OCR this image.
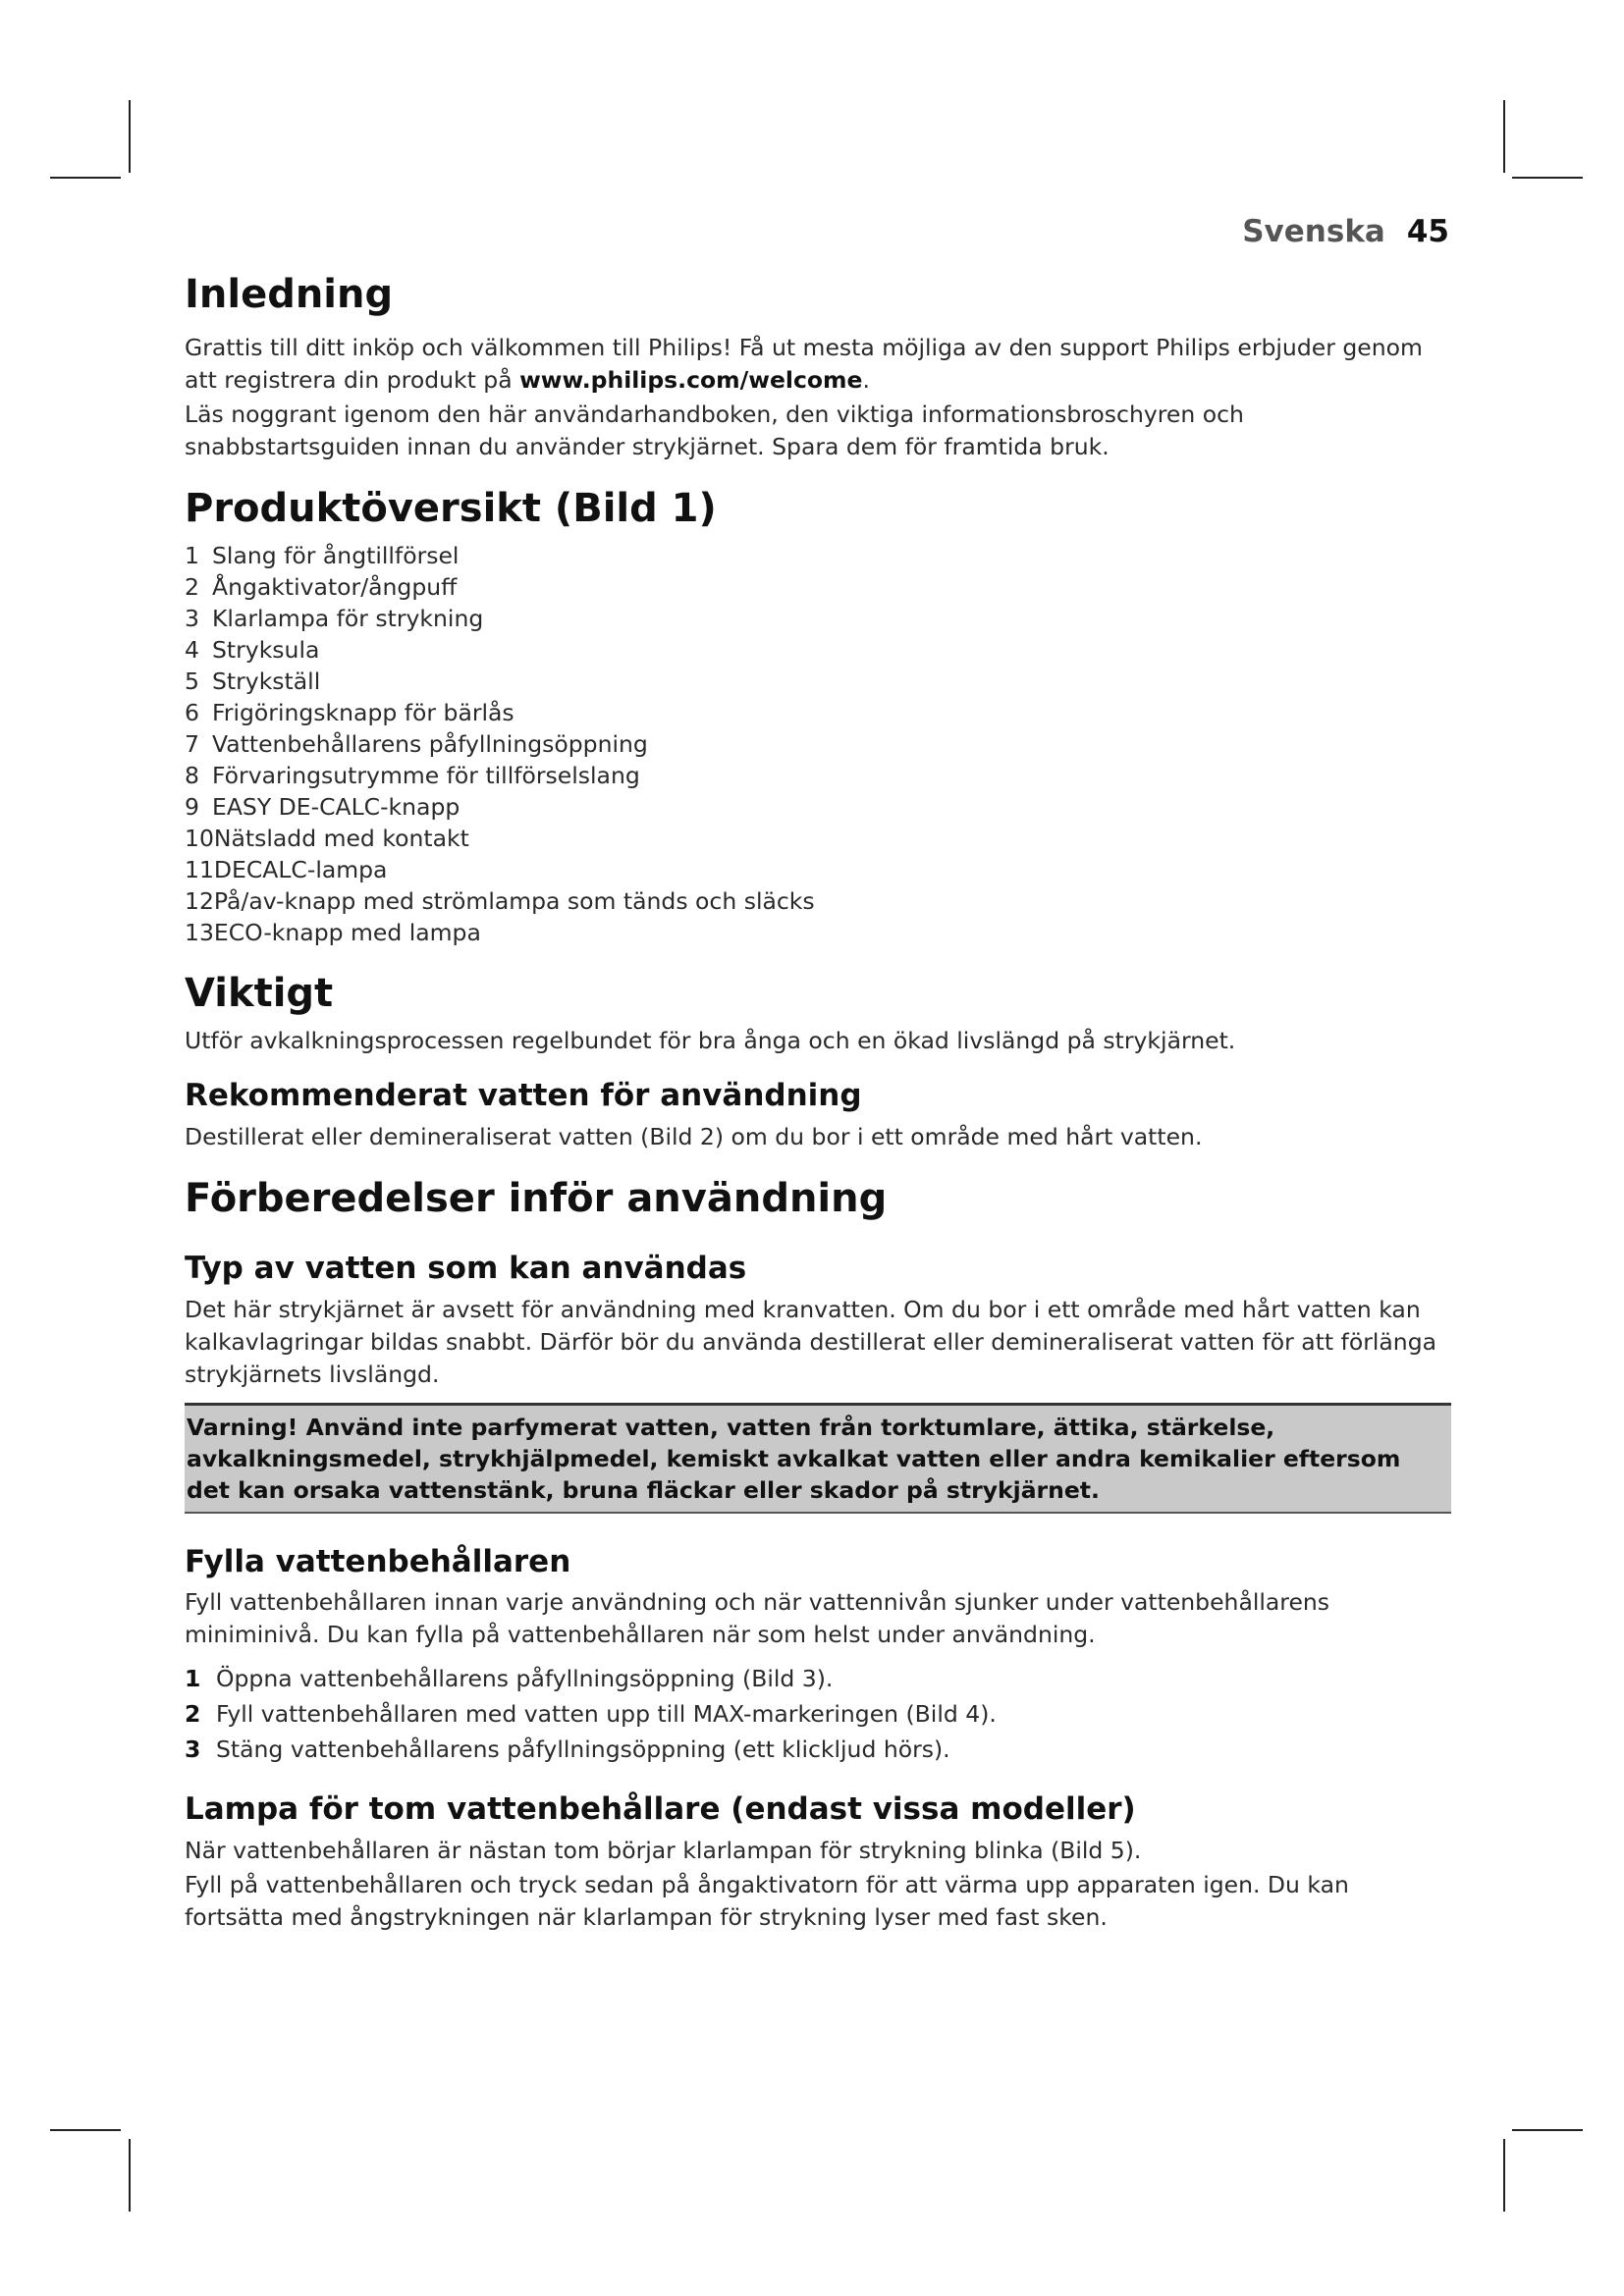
Svenska 45
Inledning

Grattis till ditt inköp och välkommen till Philips! Få ut mesta möjliga av den support Philips erbjuder genom att registrera din produkt på www.philips.com/welcome.

Läs noggrant igenom den här användarhandboken, den viktiga informationsbroschyren och snabbstartsguiden innan du använder strykjärnet. Spara dem för framtida bruk.

Produktöversikt (Bild 1)
1 Slang för ångtillförsel
2 Ångaktivator/ångpuff
3 Klarlampa för strykning
4 Stryksula
5 Strykställ
6 Frigöringsknapp för bärlås
7 Vattenbehållarens påfyllningsöppning
8 Förvaringsutrymme för tillförselslang
9 EASY DE-CALC-knapp
10Nätsladd med kontakt
11DECALC-lampa
12På/av-knapp med strömlampa som tänds och släcks
13ECO-knapp med lampa
Viktigt

Utför avkalkningsprocessen regelbundet för bra ånga och en ökad livslängd på strykjärnet.

Rekommenderat vatten för användning

Destillerat eller demineraliserat vatten (Bild 2) om du bor i ett område med hårt vatten.

Förberedelser inför användning
Typ av vatten som kan användas

Det här strykjärnet är avsett för användning med kranvatten. Om du bor i ett område med hårt vatten kan kalkavlagringar bildas snabbt. Därför bör du använda destillerat eller demineraliserat vatten för att förlänga strykjärnets livslängd.

Varning! Använd inte parfymerat vatten, vatten från torktumlare, ättika, stärkelse, avkalkningsmedel, strykhjälpmedel, kemiskt avkalkat vatten eller andra kemikalier eftersom det kan orsaka vattenstänk, bruna fläckar eller skador på strykjärnet.
Fylla vattenbehållaren

Fyll vattenbehållaren innan varje användning och när vattennivån sjunker under vattenbehållarens miniminivå. Du kan fylla på vattenbehållaren när som helst under användning.

1 Öppna vattenbehållarens påfyllningsöppning (Bild 3).
2 Fyll vattenbehållaren med vatten upp till MAX-markeringen (Bild 4).
3 Stäng vattenbehållarens påfyllningsöppning (ett klickljud hörs).
Lampa för tom vattenbehållare (endast vissa modeller)

När vattenbehållaren är nästan tom börjar klarlampan för strykning blinka (Bild 5).

Fyll på vattenbehållaren och tryck sedan på ångaktivatorn för att värma upp apparaten igen. Du kan fortsätta med ångstrykningen när klarlampan för strykning lyser med fast sken.
